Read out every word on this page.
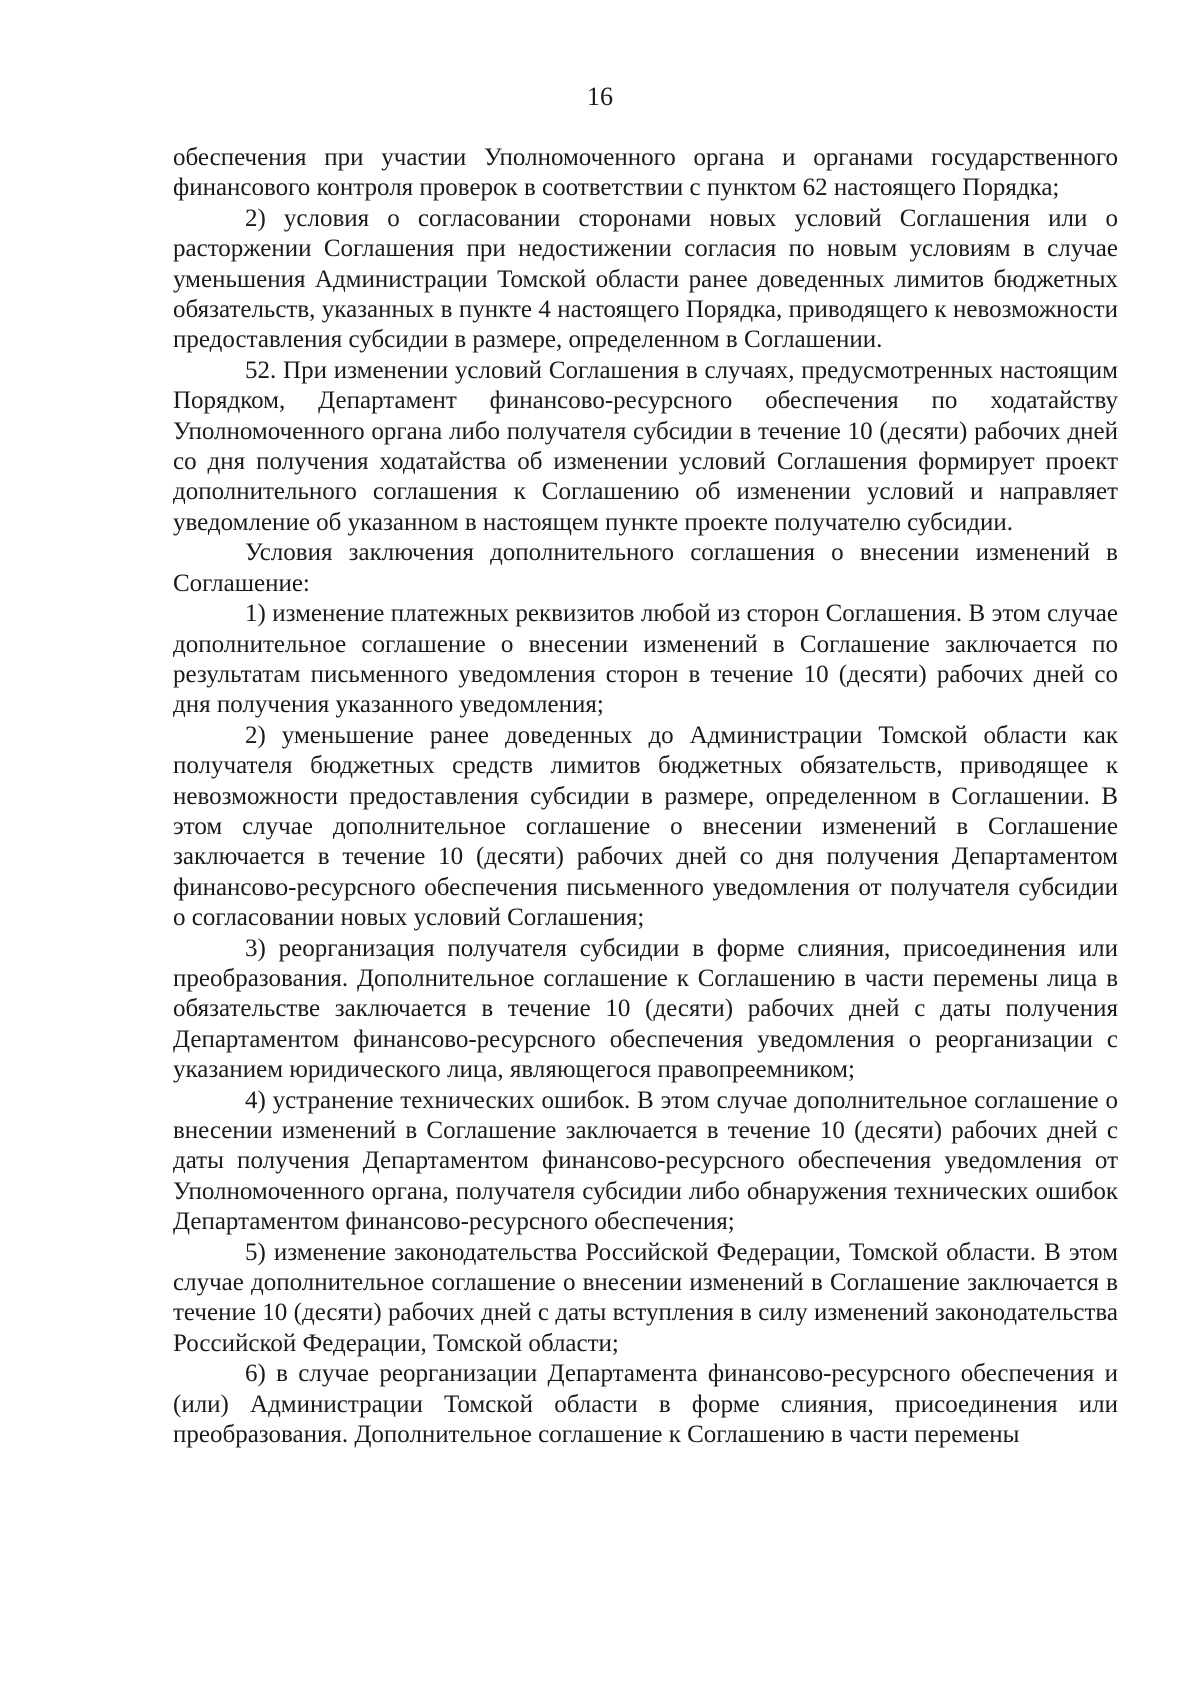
16

обеспечения при участии Уполномоченного органа и органами государственного финансового контроля проверок в соответствии с пунктом 62 настоящего Порядка;

2) условия о согласовании сторонами новых условий Соглашения или о расторжении Соглашения при недостижении согласия по новым условиям в случае уменьшения Администрации Томской области ранее доведенных лимитов бюджетных обязательств, указанных в пункте 4 настоящего Порядка, приводящего к невозможности предоставления субсидии в размере, определенном в Соглашении.

52. При изменении условий Соглашения в случаях, предусмотренных настоящим Порядком, Департамент финансово-ресурсного обеспечения по ходатайству Уполномоченного органа либо получателя субсидии в течение 10 (десяти) рабочих дней со дня получения ходатайства об изменении условий Соглашения формирует проект дополнительного соглашения к Соглашению об изменении условий и направляет уведомление об указанном в настоящем пункте проекте получателю субсидии.

Условия заключения дополнительного соглашения о внесении изменений в Соглашение:

1) изменение платежных реквизитов любой из сторон Соглашения. В этом случае дополнительное соглашение о внесении изменений в Соглашение заключается по результатам письменного уведомления сторон в течение 10 (десяти) рабочих дней со дня получения указанного уведомления;

2) уменьшение ранее доведенных до Администрации Томской области как получателя бюджетных средств лимитов бюджетных обязательств, приводящее к невозможности предоставления субсидии в размере, определенном в Соглашении. В этом случае дополнительное соглашение о внесении изменений в Соглашение заключается в течение 10 (десяти) рабочих дней со дня получения Департаментом финансово-ресурсного обеспечения письменного уведомления от получателя субсидии о согласовании новых условий Соглашения;

3) реорганизация получателя субсидии в форме слияния, присоединения или преобразования. Дополнительное соглашение к Соглашению в части перемены лица в обязательстве заключается в течение 10 (десяти) рабочих дней с даты получения Департаментом финансово-ресурсного обеспечения уведомления о реорганизации с указанием юридического лица, являющегося правопреемником;

4) устранение технических ошибок. В этом случае дополнительное соглашение о внесении изменений в Соглашение заключается в течение 10 (десяти) рабочих дней с даты получения Департаментом финансово-ресурсного обеспечения уведомления от Уполномоченного органа, получателя субсидии либо обнаружения технических ошибок Департаментом финансово-ресурсного обеспечения;

5) изменение законодательства Российской Федерации, Томской области. В этом случае дополнительное соглашение о внесении изменений в Соглашение заключается в течение 10 (десяти) рабочих дней с даты вступления в силу изменений законодательства Российской Федерации, Томской области;

6) в случае реорганизации Департамента финансово-ресурсного обеспечения и (или) Администрации Томской области в форме слияния, присоединения или преобразования. Дополнительное соглашение к Соглашению в части перемены
